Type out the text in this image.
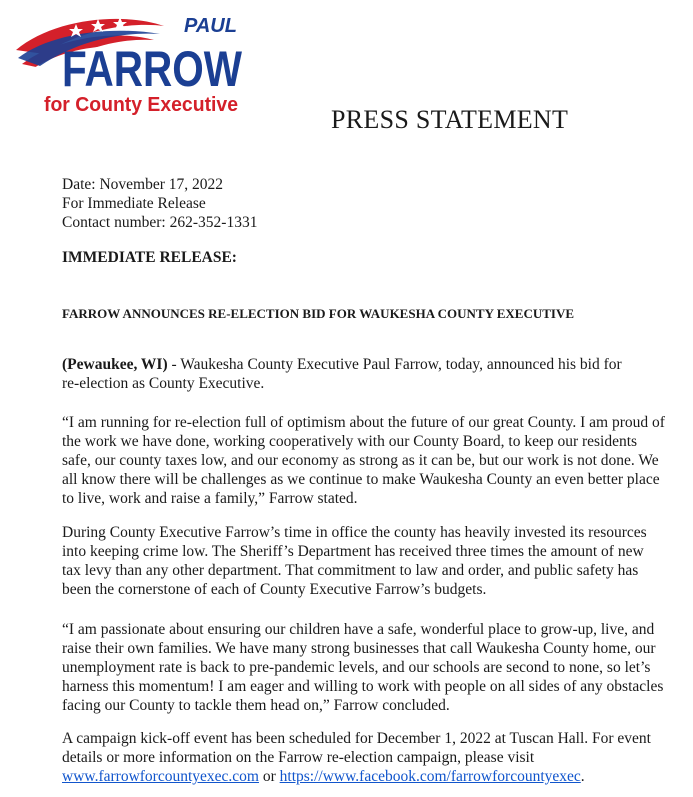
PAUL
FARROW
for County Executive	PRESS STATEMENT
Date: November 17, 2022
For Immediate Release
Contact number: 262-352-1331
IMMEDIATE RELEASE:
FARROW ANNOUNCES RE-ELECTION BID FOR WAUKESHA COUNTY EXECUTIVE

(Pewaukee, WI) - Waukesha County Executive Paul Farrow, today, announced his bid for
re-election as County Executive.

“I am running for re-election full of optimism about the future of our great County. I am proud of
the work we have done, working cooperatively with our County Board, to keep our residents
safe, our county taxes low, and our economy as strong as it can be, but our work is not done. We
all know there will be challenges as we continue to make Waukesha County an even better place
to live, work and raise a family,” Farrow stated.

During County Executive Farrow’s time in office the county has heavily invested its resources
into keeping crime low. The Sheriff’s Department has received three times the amount of new
tax levy than any other department. That commitment to law and order, and public safety has
been the cornerstone of each of County Executive Farrow’s budgets.

“I am passionate about ensuring our children have a safe, wonderful place to grow-up, live, and
raise their own families. We have many strong businesses that call Waukesha County home, our
unemployment rate is back to pre-pandemic levels, and our schools are second to none, so let’s
harness this momentum! I am eager and willing to work with people on all sides of any obstacles
facing our County to tackle them head on,” Farrow concluded.

A campaign kick-off event has been scheduled for December 1, 2022 at Tuscan Hall. For event
details or more information on the Farrow re-election campaign, please visit
www.farrowforcountyexec.com or https://www.facebook.com/farrowforcountyexec.
